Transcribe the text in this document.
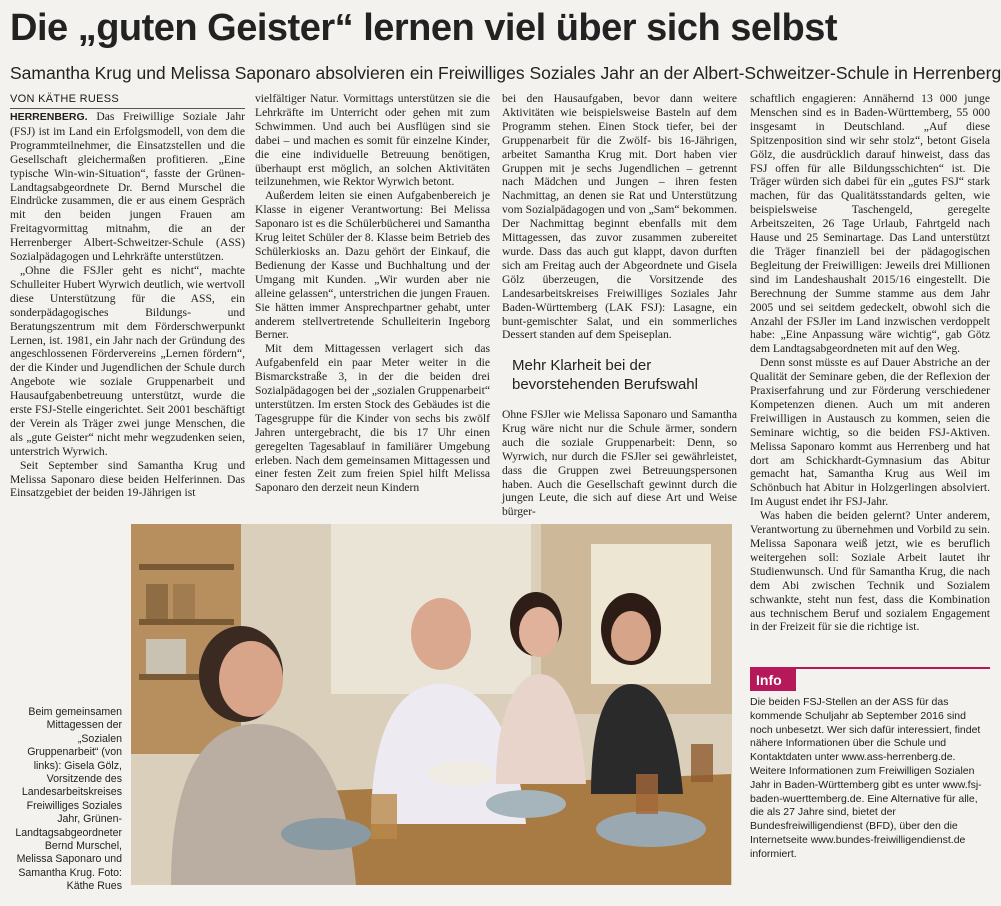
Die „guten Geister“ lernen viel über sich selbst
Samantha Krug und Melissa Saponaro absolvieren ein Freiwilliges Soziales Jahr an der Albert-Schweitzer-Schule in Herrenberg
VON KÄTHE RUESS

HERRENBERG. Das Freiwillige Soziale Jahr (FSJ) ist im Land ein Erfolgsmodell, von dem die Programmteilnehmer, die Einsatzstellen und die Gesellschaft gleichermaßen profitieren. „Eine typische Win-win-Situation“, fasste der Grünen-Landtagsabgeordnete Dr. Bernd Murschel die Eindrücke zusammen, die er aus einem Gespräch mit den beiden jungen Frauen am Freitagvormittag mitnahm, die an der Herrenberger Albert-Schweitzer-Schule (ASS) Sozialpädagogen und Lehrkräfte unterstützen.

„Ohne die FSJler geht es nicht“, machte Schulleiter Hubert Wyrwich deutlich, wie wertvoll diese Unterstützung für die ASS, ein sonderpädagogisches Bildungs- und Beratungszentrum mit dem Förderschwerpunkt Lernen, ist. 1981, ein Jahr nach der Gründung des angeschlossenen Fördervereins „Lernen fördern“, der die Kinder und Jugendlichen der Schule durch Angebote wie soziale Gruppenarbeit und Hausaufgabenbetreuung unterstützt, wurde die erste FSJ-Stelle eingerichtet. Seit 2001 beschäftigt der Verein als Träger zwei junge Menschen, die als „gute Geister“ nicht mehr wegzudenken seien, unterstrich Wyrwich.

Seit September sind Samantha Krug und Melissa Saponaro diese beiden Helferinnen. Das Einsatzgebiet der beiden 19-Jährigen ist

vielfältiger Natur. Vormittags unterstützen sie die Lehrkräfte im Unterricht oder gehen mit zum Schwimmen. Und auch bei Ausflügen sind sie dabei – und machen es somit für einzelne Kinder, die eine individuelle Betreuung benötigen, überhaupt erst möglich, an solchen Aktivitäten teilzunehmen, wie Rektor Wyrwich betont.

Außerdem leiten sie einen Aufgabenbereich je Klasse in eigener Verantwortung: Bei Melissa Saponaro ist es die Schülerbücherei und Samantha Krug leitet Schüler der 8. Klasse beim Betrieb des Schülerkiosks an. Dazu gehört der Einkauf, die Bedienung der Kasse und Buchhaltung und der Umgang mit Kunden. „Wir wurden aber nie alleine gelassen“, unterstrichen die jungen Frauen. Sie hätten immer Ansprechpartner gehabt, unter anderem stellvertretende Schulleiterin Ingeborg Berner.

Mit dem Mittagessen verlagert sich das Aufgabenfeld ein paar Meter weiter in die Bismarckstraße 3, in der die beiden drei Sozialpädagogen bei der „sozialen Gruppenarbeit“ unterstützen. Im ersten Stock des Gebäudes ist die Tagesgruppe für die Kinder von sechs bis zwölf Jahren untergebracht, die bis 17 Uhr einen geregelten Tagesablauf in familiärer Umgebung erleben. Nach dem gemeinsamen Mittagessen und einer festen Zeit zum freien Spiel hilft Melissa Saponaro den derzeit neun Kindern

bei den Hausaufgaben, bevor dann weitere Aktivitäten wie beispielsweise Basteln auf dem Programm stehen. Einen Stock tiefer, bei der Gruppenarbeit für die Zwölf- bis 16-Jährigen, arbeitet Samantha Krug mit. Dort haben vier Gruppen mit je sechs Jugendlichen – getrennt nach Mädchen und Jungen – ihren festen Nachmittag, an denen sie Rat und Unterstützung vom Sozialpädagogen und von „Sam“ bekommen. Der Nachmittag beginnt ebenfalls mit dem Mittagessen, das zuvor zusammen zubereitet wurde. Dass das auch gut klappt, davon durften sich am Freitag auch der Abgeordnete und Gisela Gölz überzeugen, die Vorsitzende des Landesarbeitskreises Freiwilliges Soziales Jahr Baden-Württemberg (LAK FSJ): Lasagne, ein bunt-gemischter Salat, und ein sommerliches Dessert standen auf dem Speiseplan.

Mehr Klarheit bei der bevorstehenden Berufswahl

Ohne FSJler wie Melissa Saponaro und Samantha Krug wäre nicht nur die Schule ärmer, sondern auch die soziale Gruppenarbeit: Denn, so Wyrwich, nur durch die FSJler sei gewährleistet, dass die Gruppen zwei Betreuungspersonen haben. Auch die Gesellschaft gewinnt durch die jungen Leute, die sich auf diese Art und Weise bürger-

schaftlich engagieren: Annähernd 13 000 junge Menschen sind es in Baden-Württemberg, 55 000 insgesamt in Deutschland. „Auf diese Spitzenposition sind wir sehr stolz“, betont Gisela Gölz, die ausdrücklich darauf hinweist, dass das FSJ offen für alle Bildungsschichten“ ist. Die Träger würden sich dabei für ein „gutes FSJ“ stark machen, für das Qualitätsstandards gelten, wie beispielsweise Taschengeld, geregelte Arbeitszeiten, 26 Tage Urlaub, Fahrtgeld nach Hause und 25 Seminartage. Das Land unterstützt die Träger finanziell bei der pädagogischen Begleitung der Freiwilligen: Jeweils drei Millionen sind im Landeshaushalt 2015/16 eingestellt. Die Berechnung der Summe stamme aus dem Jahr 2005 und sei seitdem gedeckelt, obwohl sich die Anzahl der FSJler im Land inzwischen verdoppelt habe: „Eine Anpassung wäre wichtig“, gab Götz dem Landtagsabgeordneten mit auf den Weg.

Denn sonst müsste es auf Dauer Abstriche an der Qualität der Seminare geben, die der Reflexion der Praxiserfahrung und zur Förderung verschiedener Kompetenzen dienen. Auch um mit anderen Freiwilligen in Austausch zu kommen, seien die Seminare wichtig, so die beiden FSJ-Aktiven. Melissa Saponaro kommt aus Herrenberg und hat dort am Schickhardt-Gymnasium das Abitur gemacht hat, Samantha Krug aus Weil im Schönbuch hat Abitur in Holzgerlingen absolviert. Im August endet ihr FSJ-Jahr.

Was haben die beiden gelernt? Unter anderem, Verantwortung zu übernehmen und Vorbild zu sein. Melissa Saponara weiß jetzt, wie es beruflich weitergehen soll: Soziale Arbeit lautet ihr Studienwunsch. Und für Samantha Krug, die nach dem Abi zwischen Technik und Sozialem schwankte, steht nun fest, dass die Kombination aus technischem Beruf und sozialem Engagement in der Freizeit für sie die richtige ist.

Beim gemeinsamen Mittagessen der „Sozialen Gruppenarbeit“ (von links): Gisela Gölz, Vorsitzende des Landesarbeitskreises Freiwilliges Soziales Jahr, Grünen-Landtagsabgeordneter Bernd Murschel, Melissa Saponaro und Samantha Krug. Foto: Käthe Rues
Info
Die beiden FSJ-Stellen an der ASS für das kommende Schuljahr ab September 2016 sind noch unbesetzt. Wer sich dafür interessiert, findet nähere Informationen über die Schule und Kontaktdaten unter www.ass-herrenberg.de. Weitere Informationen zum Freiwilligen Sozialen Jahr in Baden-Württemberg gibt es unter www.fsj-baden-wuerttemberg.de. Eine Alternative für alle, die als 27 Jahre sind, bietet der Bundesfreiwilligendienst (BFD), über den die Internetseite www.bundes-freiwilligendienst.de informiert.
